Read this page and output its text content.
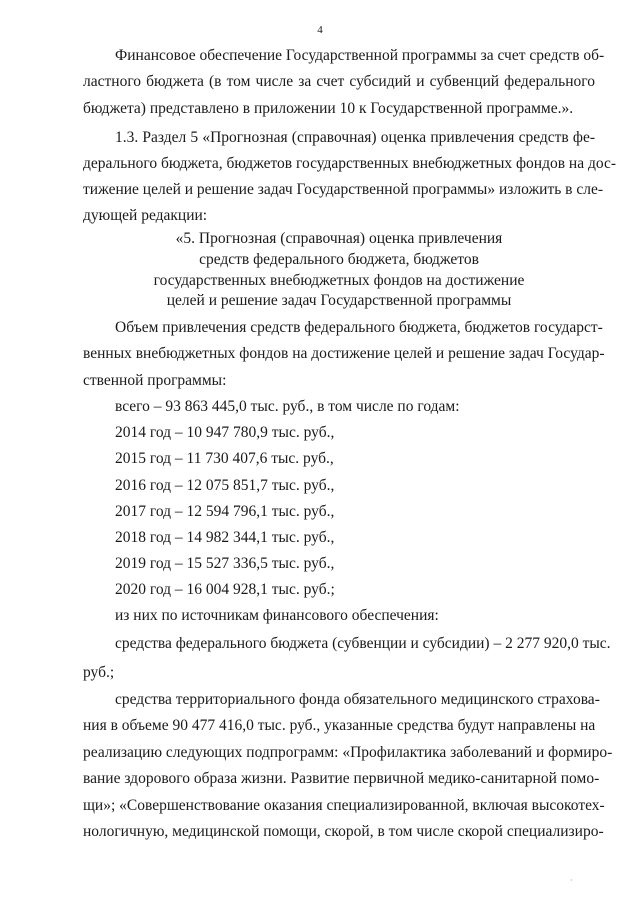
4
Финансовое обеспечение Государственной программы за счет средств об-
ластного бюджета (в том числе за счет субсидий и субвенций федерального
бюджета) представлено в приложении 10 к Государственной программе.».
1.3. Раздел 5 «Прогнозная (справочная) оценка привлечения средств фе-
дерального бюджета, бюджетов государственных внебюджетных фондов на дос-
тижение целей и решение задач Государственной программы» изложить в сле-
дующей редакции:
«5. Прогнозная (справочная) оценка привлечения
средств федерального бюджета, бюджетов
государственных внебюджетных фондов на достижение
целей и решение задач Государственной программы
Объем привлечения средств федерального бюджета, бюджетов государст-
венных внебюджетных фондов на достижение целей и решение задач Государ-
ственной программы:
всего – 93 863 445,0 тыс. руб., в том числе по годам:
2014 год – 10 947 780,9 тыс. руб.,
2015 год – 11 730 407,6 тыс. руб.,
2016 год – 12 075 851,7 тыс. руб.,
2017 год – 12 594 796,1 тыс. руб.,
2018 год – 14 982 344,1 тыс. руб.,
2019 год – 15 527 336,5 тыс. руб.,
2020 год – 16 004 928,1 тыс. руб.;
из них по источникам финансового обеспечения:
средства федерального бюджета (субвенции и субсидии) – 2 277 920,0 тыс.
руб.;
средства территориального фонда обязательного медицинского страхова-
ния в объеме 90 477 416,0 тыс. руб., указанные средства будут направлены на
реализацию следующих подпрограмм: «Профилактика заболеваний и формиро-
вание здорового образа жизни. Развитие первичной медико-санитарной помо-
щи»; «Совершенствование оказания специализированной, включая высокотех-
нологичную, медицинской помощи, скорой, в том числе скорой специализиро-
·
